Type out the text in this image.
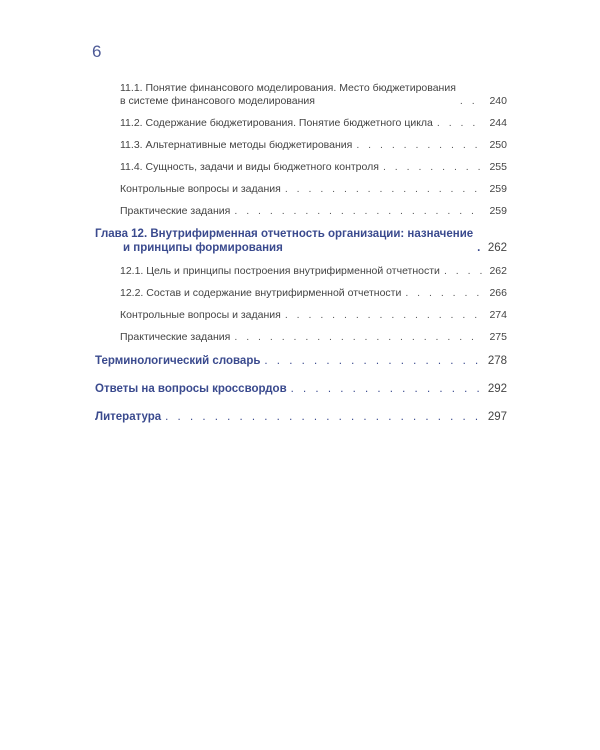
6
11.1. Понятие финансового моделирования. Место бюджетирования
в системе финансового моделирования . . .	240
11.2. Содержание бюджетирования. Понятие бюджетного цикла . . .	244
11.3. Альтернативные методы бюджетирования . . .	250
11.4. Сущность, задачи и виды бюджетного контроля . . .	255
Контрольные вопросы и задания . . .	259
Практические задания . . .	259
Глава 12. Внутрифирменная отчетность организации: назначение
и принципы формирования . . .	262
12.1. Цель и принципы построения внутрифирменной отчетности . . .	262
12.2. Состав и содержание внутрифирменной отчетности . . .	266
Контрольные вопросы и задания . . .	274
Практические задания . . .	275
Терминологический словарь . . .	278
Ответы на вопросы кроссвордов . . .	292
Литература . . .	297
